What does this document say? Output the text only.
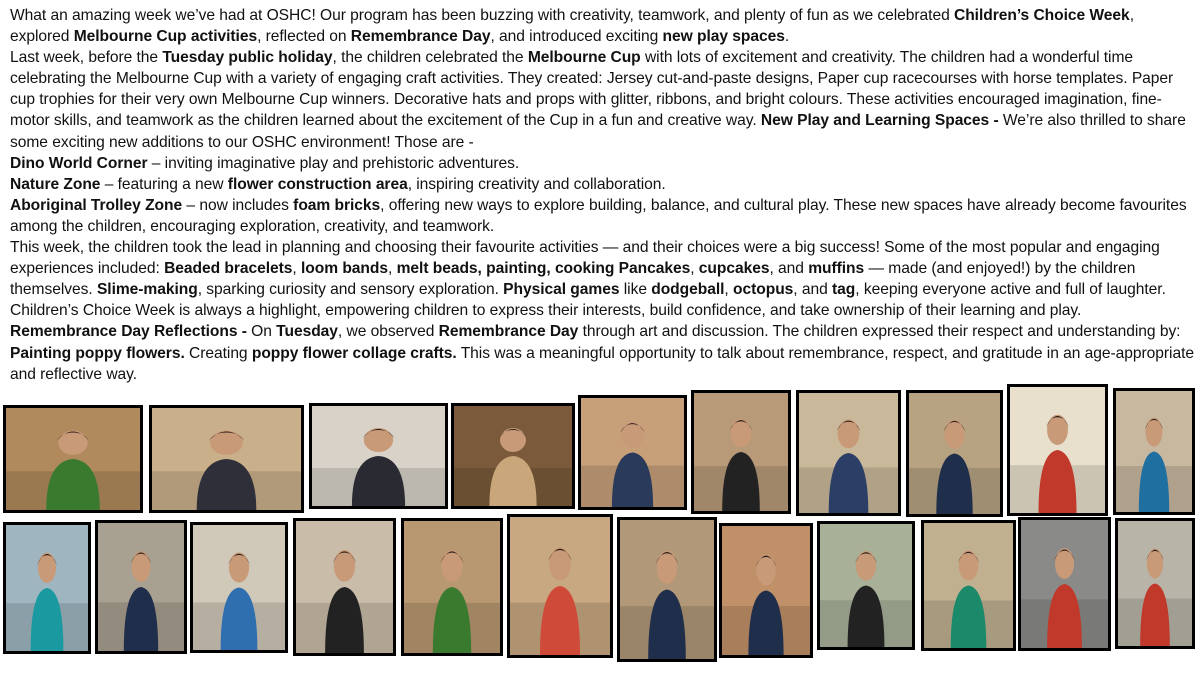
What an amazing week we’ve had at OSHC! Our program has been buzzing with creativity, teamwork, and plenty of fun as we celebrated Children’s Choice Week, explored Melbourne Cup activities, reflected on Remembrance Day, and introduced exciting new play spaces.

Last week, before the Tuesday public holiday, the children celebrated the Melbourne Cup with lots of excitement and creativity. The children had a wonderful time celebrating the Melbourne Cup with a variety of engaging craft activities. They created: Jersey cut-and-paste designs, Paper cup racecourses with horse templates. Paper cup trophies for their very own Melbourne Cup winners. Decorative hats and props with glitter, ribbons, and bright colours. These activities encouraged imagination, fine-motor skills, and teamwork as the children learned about the excitement of the Cup in a fun and creative way. New Play and Learning Spaces - We’re also thrilled to share some exciting new additions to our OSHC environment! Those are -

Dino World Corner – inviting imaginative play and prehistoric adventures.

Nature Zone – featuring a new flower construction area, inspiring creativity and collaboration.

Aboriginal Trolley Zone – now includes foam bricks, offering new ways to explore building, balance, and cultural play. These new spaces have already become favourites among the children, encouraging exploration, creativity, and teamwork.

This week, the children took the lead in planning and choosing their favourite activities — and their choices were a big success! Some of the most popular and engaging experiences included: Beaded bracelets, loom bands, melt beads, painting, cooking Pancakes, cupcakes, and muffins — made (and enjoyed!) by the children themselves. Slime-making, sparking curiosity and sensory exploration. Physical games like dodgeball, octopus, and tag, keeping everyone active and full of laughter. Children’s Choice Week is always a highlight, empowering children to express their interests, build confidence, and take ownership of their learning and play.

Remembrance Day Reflections - On Tuesday, we observed Remembrance Day through art and discussion. The children expressed their respect and understanding by: Painting poppy flowers. Creating poppy flower collage crafts. This was a meaningful opportunity to talk about remembrance, respect, and gratitude in an age-appropriate and reflective way.
